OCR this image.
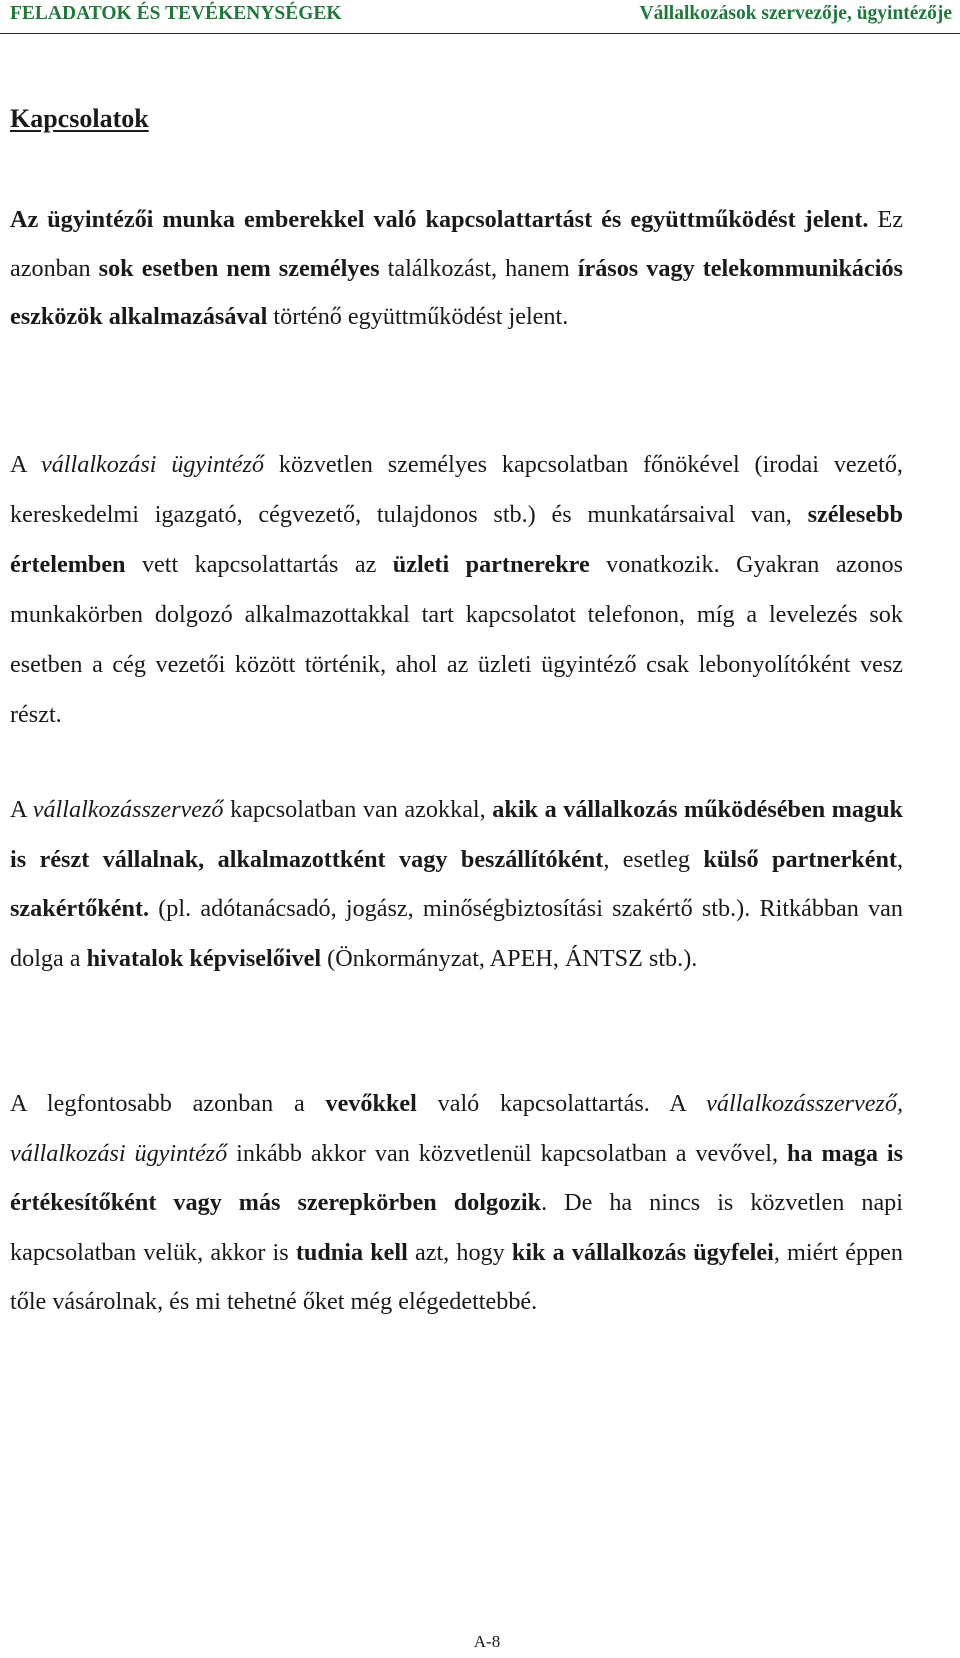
FELADATOK ÉS TEVÉKENYSÉGEK	Vállalkozások szervezője, ügyintézője
Kapcsolatok

Az ügyintézői munka emberekkel való kapcsolattartást és együttműködést jelent. Ez azonban sok esetben nem személyes találkozást, hanem írásos vagy telekommunikációs eszközök alkalmazásával történő együttműködést jelent.

A vállalkozási ügyintéző közvetlen személyes kapcsolatban főnökével (irodai vezető, kereskedelmi igazgató, cégvezető, tulajdonos stb.) és munkatársaival van, szélesebb értelemben vett kapcsolattartás az üzleti partnerekre vonatkozik. Gyakran azonos munkakörben dolgozó alkalmazottakkal tart kapcsolatot telefonon, míg a levelezés sok esetben a cég vezetői között történik, ahol az üzleti ügyintéző csak lebonyolítóként vesz részt.

A vállalkozásszervező kapcsolatban van azokkal, akik a vállalkozás működésében maguk is részt vállalnak, alkalmazottként vagy beszállítóként, esetleg külső partnerként, szakértőként. (pl. adótanácsadó, jogász, minőségbiztosítási szakértő stb.). Ritkábban van dolga a hivatalok képviselőivel (Önkormányzat, APEH, ÁNTSZ stb.).

A legfontosabb azonban a vevőkkel való kapcsolattartás. A vállalkozásszervező, vállalkozási ügyintéző inkább akkor van közvetlenül kapcsolatban a vevővel, ha maga is értékesítőként vagy más szerepkörben dolgozik. De ha nincs is közvetlen napi kapcsolatban velük, akkor is tudnia kell azt, hogy kik a vállalkozás ügyfelei, miért éppen tőle vásárolnak, és mi tehetné őket még elégedettebbé.

A-8
